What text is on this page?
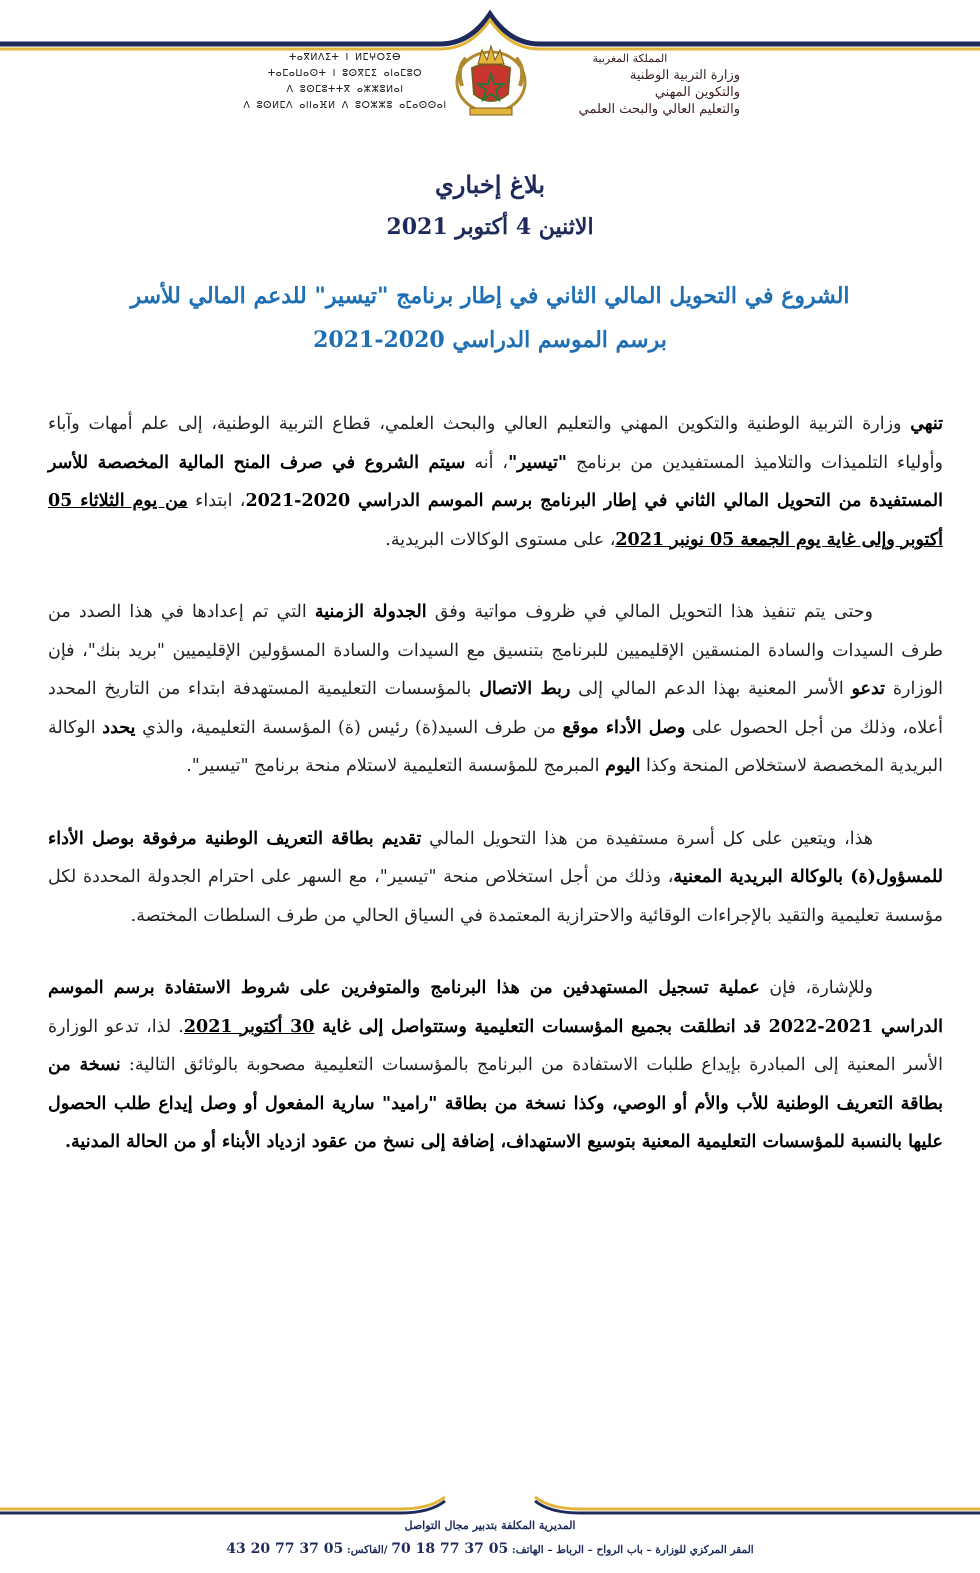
المملكة المغربية
وزارة التربية الوطنية
والتكوين المهني
والتعليم العالي والبحث العلمي
ⵜⴰⴳⵍⴷⵉⵜ ⵏ ⵍⵎⵖⵔⵉⴱ
ⵜⴰⵎⴰⵡⴰⵙⵜ ⵏ ⵓⵙⴳⵎⵉ ⴰⵏⴰⵎⵓⵔ
ⴷ ⵓⵙⵎⵓⵜⵜⴳ ⴰⵣⵣⵓⵍⴰⵏ
ⴷ ⵓⵙⵍⵎⴷ ⴰⵏⵏⴰⴼⵍ ⴷ ⵓⵔⵣⵣⵓ ⴰⵎⴰⵙⵙⴰⵏ
بلاغ إخباري
الاثنين 4 أكتوبر 2021
الشروع في التحويل المالي الثاني في إطار برنامج "تيسير" للدعم المالي للأسر
برسم الموسم الدراسي 2020-2021

تنهي وزارة التربية الوطنية والتكوين المهني والتعليم العالي والبحث العلمي، قطاع التربية الوطنية، إلى علم أمهات وآباء وأولياء التلميذات والتلاميذ المستفيدين من برنامج "تيسير"، أنه سيتم الشروع في صرف المنح المالية المخصصة للأسر المستفيدة من التحويل المالي الثاني في إطار البرنامج برسم الموسم الدراسي 2020-2021، ابتداء من يوم الثلاثاء 05 أكتوبر وإلى غاية يوم الجمعة 05 نونبر 2021، على مستوى الوكالات البريدية.

وحتى يتم تنفيذ هذا التحويل المالي في ظروف مواتية وفق الجدولة الزمنية التي تم إعدادها في هذا الصدد من طرف السيدات والسادة المنسقين الإقليميين للبرنامج بتنسيق مع السيدات والسادة المسؤولين الإقليميين "بريد بنك"، فإن الوزارة تدعو الأسر المعنية بهذا الدعم المالي إلى ربط الاتصال بالمؤسسات التعليمية المستهدفة ابتداء من التاريخ المحدد أعلاه، وذلك من أجل الحصول على وصل الأداء موقع من طرف السيد(ة) رئيس (ة) المؤسسة التعليمية، والذي يحدد الوكالة البريدية المخصصة لاستخلاص المنحة وكذا اليوم المبرمج للمؤسسة التعليمية لاستلام منحة برنامج "تيسير".

هذا، ويتعين على كل أسرة مستفيدة من هذا التحويل المالي تقديم بطاقة التعريف الوطنية مرفوقة بوصل الأداء للمسؤول(ة) بالوكالة البريدية المعنية، وذلك من أجل استخلاص منحة "تيسير"، مع السهر على احترام الجدولة المحددة لكل مؤسسة تعليمية والتقيد بالإجراءات الوقائية والاحترازية المعتمدة في السياق الحالي من طرف السلطات المختصة.

وللإشارة، فإن عملية تسجيل المستهدفين من هذا البرنامج والمتوفرين على شروط الاستفادة برسم الموسم الدراسي 2021-2022 قد انطلقت بجميع المؤسسات التعليمية وستتواصل إلى غاية 30 أكتوبر 2021. لذا، تدعو الوزارة الأسر المعنية إلى المبادرة بإيداع طلبات الاستفادة من البرنامج بالمؤسسات التعليمية مصحوبة بالوثائق التالية: نسخة من بطاقة التعريف الوطنية للأب والأم أو الوصي، وكذا نسخة من بطاقة "راميد" سارية المفعول أو وصل إيداع طلب الحصول عليها بالنسبة للمؤسسات التعليمية المعنية بتوسيع الاستهداف، إضافة إلى نسخ من عقود ازدياد الأبناء أو من الحالة المدنية.

المديرية المكلفة بتدبير مجال التواصل
المقر المركزي للوزارة – باب الرواح – الرباط – الهاتف: 05 37 77 18 70 /الفاكس: 05 37 77 20 43
